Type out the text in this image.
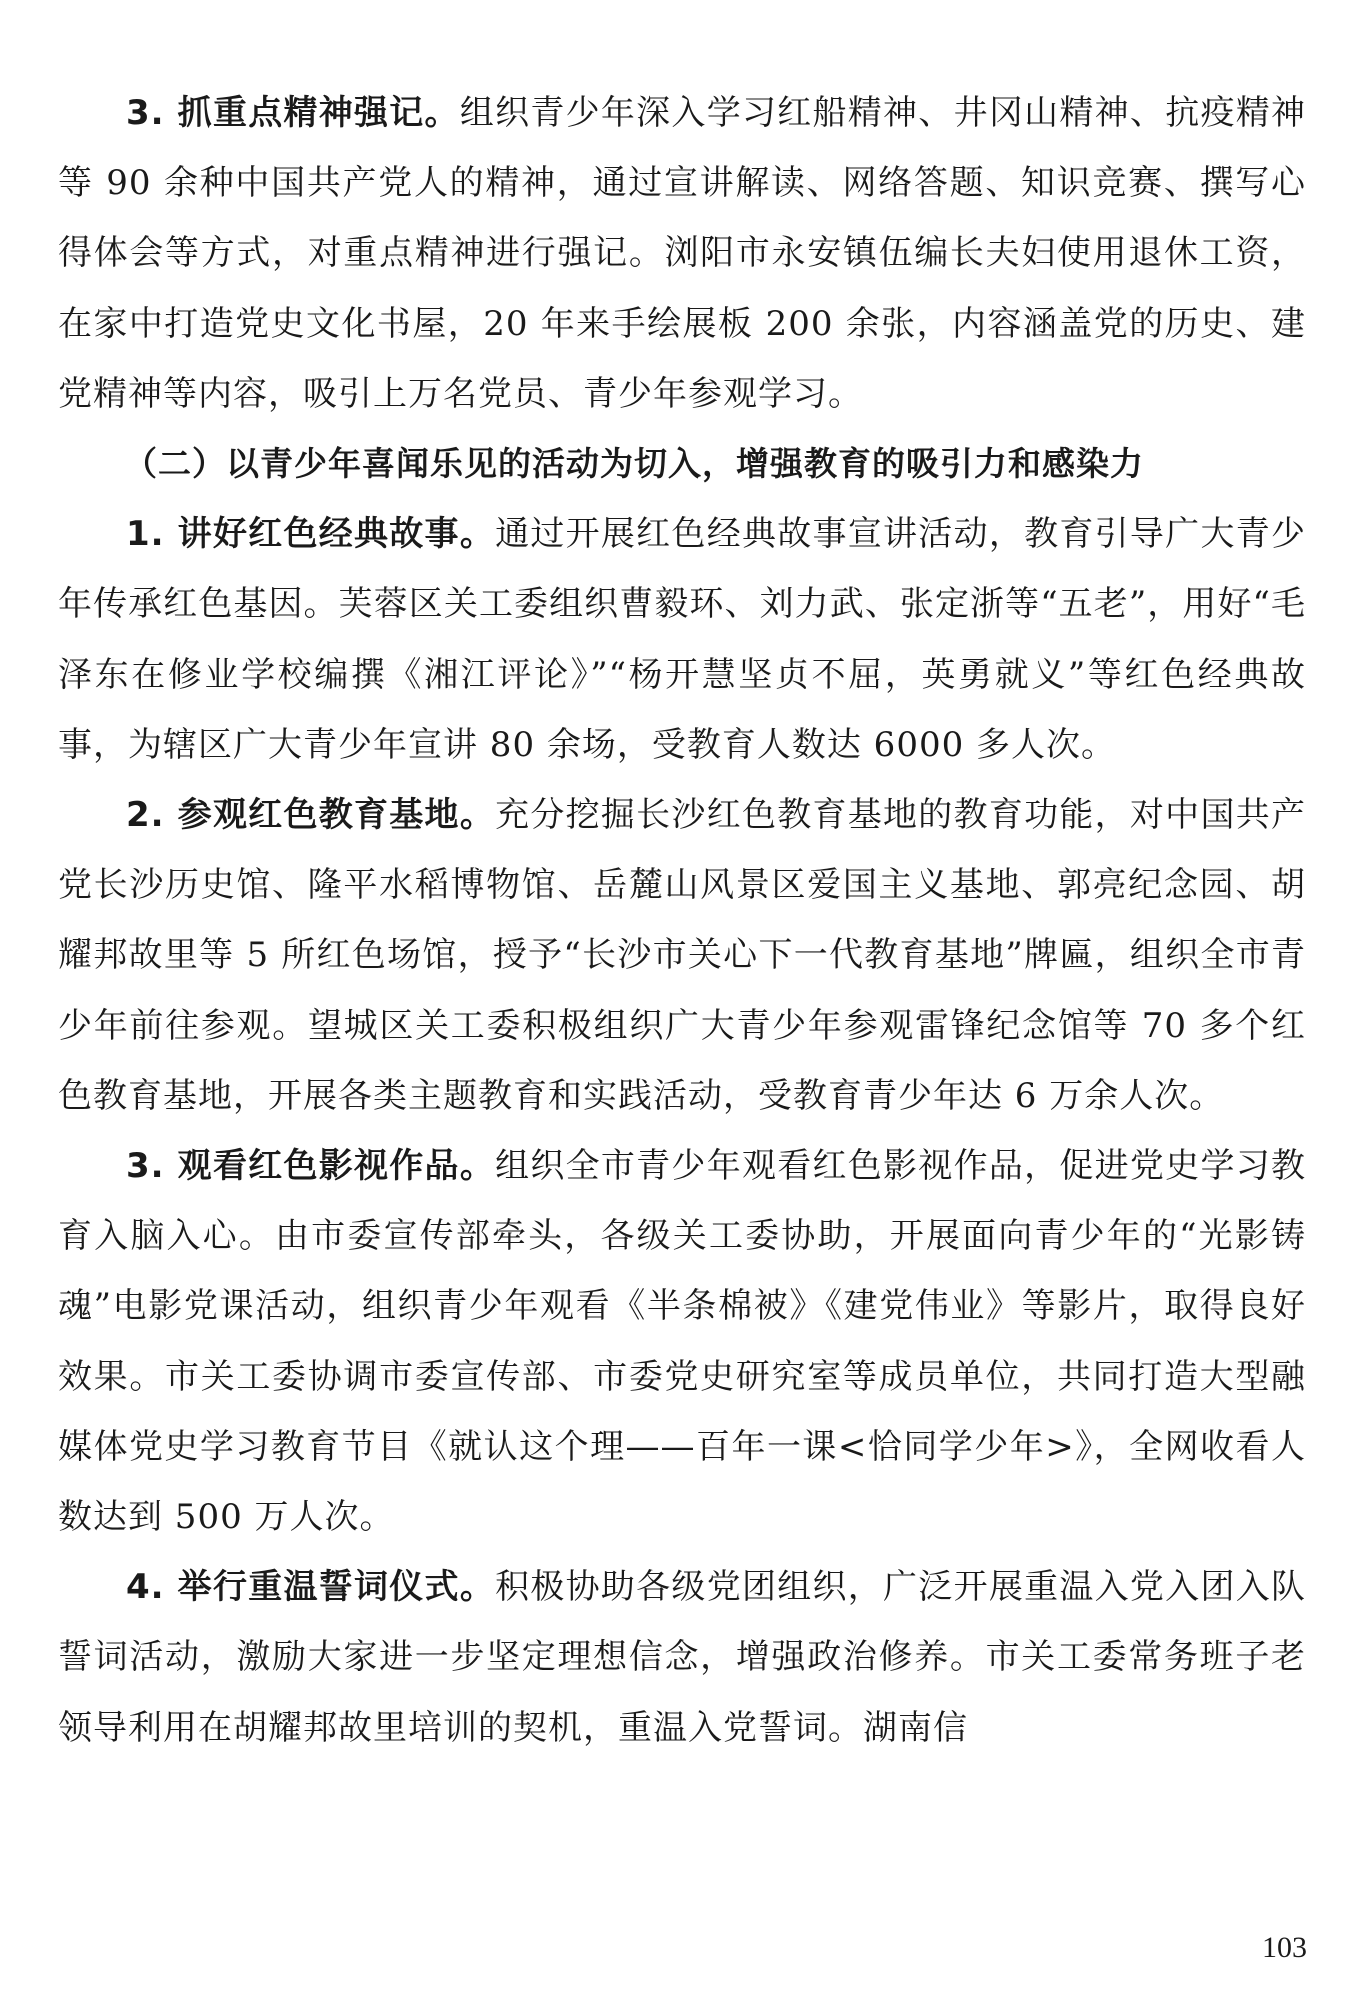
3. 抓重点精神强记。组织青少年深入学习红船精神、井冈山精神、抗疫精神等 90 余种中国共产党人的精神，通过宣讲解读、网络答题、知识竞赛、撰写心得体会等方式，对重点精神进行强记。浏阳市永安镇伍编长夫妇使用退休工资，在家中打造党史文化书屋，20 年来手绘展板 200 余张，内容涵盖党的历史、建党精神等内容，吸引上万名党员、青少年参观学习。

（二）以青少年喜闻乐见的活动为切入，增强教育的吸引力和感染力

1. 讲好红色经典故事。通过开展红色经典故事宣讲活动，教育引导广大青少年传承红色基因。芙蓉区关工委组织曹毅环、刘力武、张定浙等“五老”，用好“毛泽东在修业学校编撰《湘江评论》”“杨开慧坚贞不屈，英勇就义”等红色经典故事，为辖区广大青少年宣讲 80 余场，受教育人数达 6000 多人次。

2. 参观红色教育基地。充分挖掘长沙红色教育基地的教育功能，对中国共产党长沙历史馆、隆平水稻博物馆、岳麓山风景区爱国主义基地、郭亮纪念园、胡耀邦故里等 5 所红色场馆，授予“长沙市关心下一代教育基地”牌匾，组织全市青少年前往参观。望城区关工委积极组织广大青少年参观雷锋纪念馆等 70 多个红色教育基地，开展各类主题教育和实践活动，受教育青少年达 6 万余人次。

3. 观看红色影视作品。组织全市青少年观看红色影视作品，促进党史学习教育入脑入心。由市委宣传部牵头，各级关工委协助，开展面向青少年的“光影铸魂”电影党课活动，组织青少年观看《半条棉被》《建党伟业》等影片，取得良好效果。市关工委协调市委宣传部、市委党史研究室等成员单位，共同打造大型融媒体党史学习教育节目《就认这个理——百年一课<恰同学少年>》，全网收看人数达到 500 万人次。

4. 举行重温誓词仪式。积极协助各级党团组织，广泛开展重温入党入团入队誓词活动，激励大家进一步坚定理想信念，增强政治修养。市关工委常务班子老领导利用在胡耀邦故里培训的契机，重温入党誓词。湖南信

103
